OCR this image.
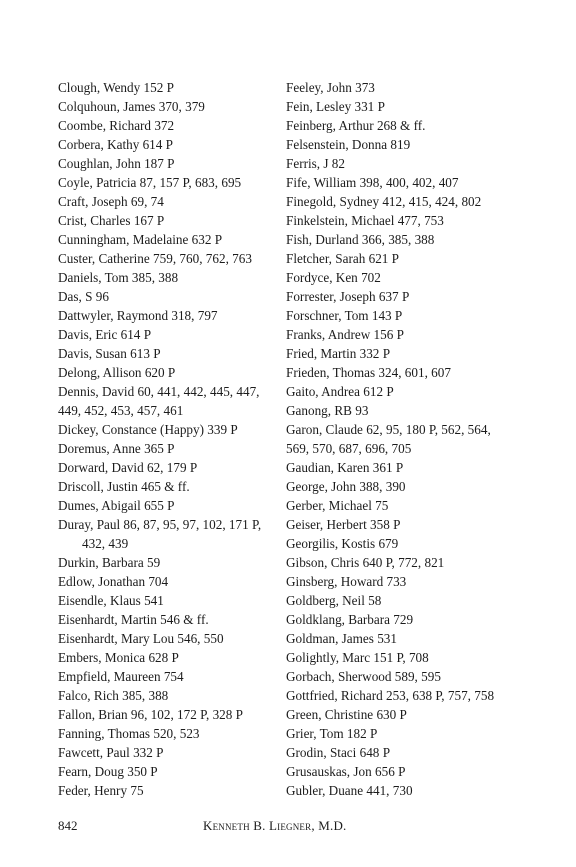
Clough, Wendy 152 P
Colquhoun, James 370, 379
Coombe, Richard 372
Corbera, Kathy 614 P
Coughlan, John 187 P
Coyle, Patricia 87, 157 P, 683, 695
Craft, Joseph 69, 74
Crist, Charles 167 P
Cunningham, Madelaine 632 P
Custer, Catherine 759, 760, 762, 763
Daniels, Tom 385, 388
Das, S 96
Dattwyler, Raymond 318, 797
Davis, Eric 614 P
Davis, Susan 613 P
Delong, Allison 620 P
Dennis, David 60, 441, 442, 445, 447,
449, 452, 453, 457, 461
Dickey, Constance (Happy) 339 P
Doremus, Anne 365 P
Dorward, David 62, 179 P
Driscoll, Justin 465 & ff.
Dumes, Abigail 655 P
Duray, Paul 86, 87, 95, 97, 102, 171 P,
432, 439
Durkin, Barbara 59
Edlow, Jonathan 704
Eisendle, Klaus 541
Eisenhardt, Martin 546 & ff.
Eisenhardt, Mary Lou 546, 550
Embers, Monica 628 P
Empfield, Maureen 754
Falco, Rich 385, 388
Fallon, Brian 96, 102, 172 P, 328 P
Fanning, Thomas 520, 523
Fawcett, Paul 332 P
Fearn, Doug 350 P
Feder, Henry 75
Feeley, John 373
Fein, Lesley 331 P
Feinberg, Arthur 268 & ff.
Felsenstein, Donna 819
Ferris, J 82
Fife, William 398, 400, 402, 407
Finegold, Sydney 412, 415, 424, 802
Finkelstein, Michael 477, 753
Fish, Durland 366, 385, 388
Fletcher, Sarah 621 P
Fordyce, Ken 702
Forrester, Joseph 637 P
Forschner, Tom 143 P
Franks, Andrew 156 P
Fried, Martin 332 P
Frieden, Thomas 324, 601, 607
Gaito, Andrea 612 P
Ganong, RB 93
Garon, Claude 62, 95, 180 P, 562, 564,
569, 570, 687, 696, 705
Gaudian, Karen 361 P
George, John 388, 390
Gerber, Michael 75
Geiser, Herbert 358 P
Georgilis, Kostis 679
Gibson, Chris 640 P, 772, 821
Ginsberg, Howard 733
Goldberg, Neil 58
Goldklang, Barbara 729
Goldman, James 531
Golightly, Marc 151 P, 708
Gorbach, Sherwood 589, 595
Gottfried, Richard 253, 638 P, 757, 758
Green, Christine 630 P
Grier, Tom 182 P
Grodin, Staci 648 P
Grusauskas, Jon 656 P
Gubler, Duane 441, 730
842	Kenneth B. Liegner, M.D.
